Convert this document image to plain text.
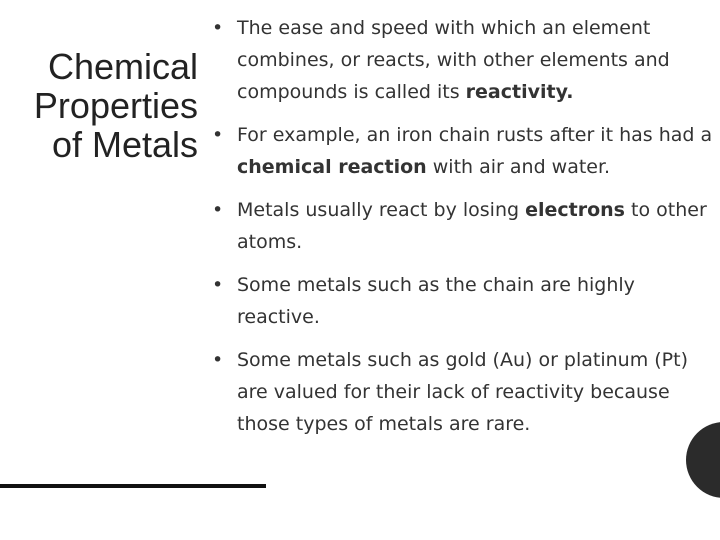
Chemical
Properties
of Metals
• The ease and speed with which an element combines, or reacts, with other elements and compounds is called its reactivity.
• For example, an iron chain rusts after it has had a chemical reaction with air and water.
• Metals usually react by losing electrons to other atoms.
• Some metals such as the chain are highly reactive.
• Some metals such as gold (Au) or platinum (Pt) are valued for their lack of reactivity because those types of metals are rare.
